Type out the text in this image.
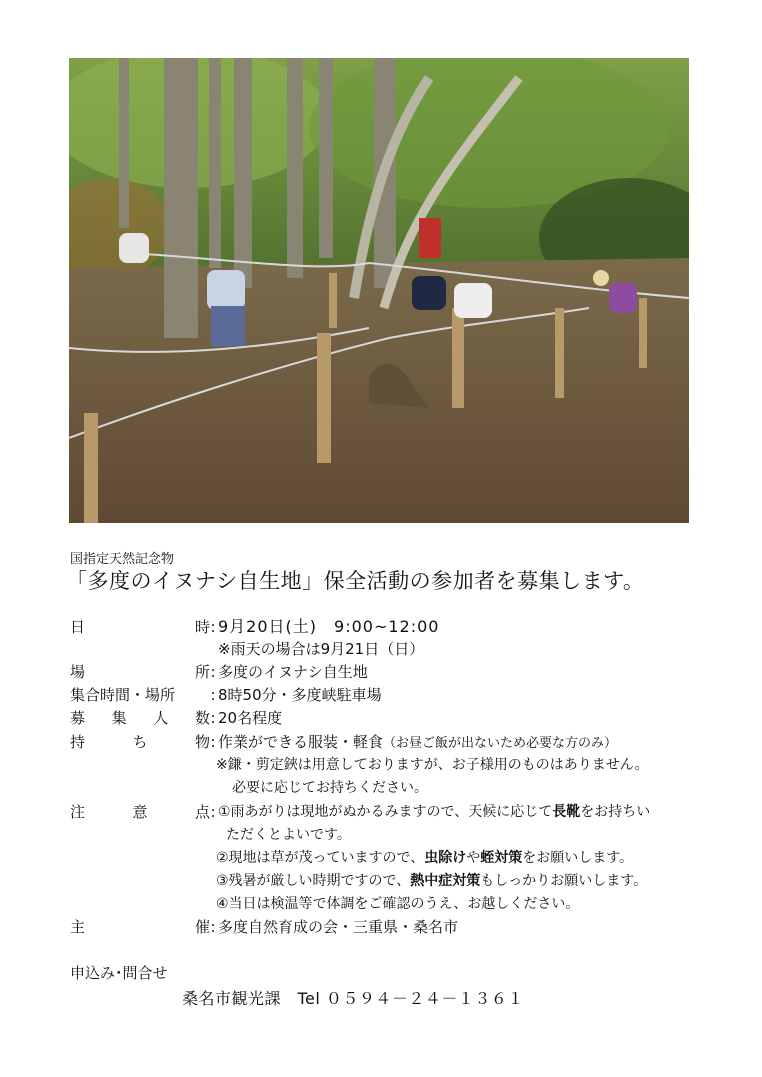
国指定天然記念物
「多度のイヌナシ自生地」保全活動の参加者を募集します。
日	時 : 9月20日(土)　9:00~12:00
※雨天の場合は9月21日（日）
場	所 : 多度のイヌナシ自生地
集合時間・場所 : 8時50分・多度峡駐車場
募 集 人 数 : 20名程度
持	ち	物 : 作業ができる服装・軽食（お昼ご飯が出ないため必要な方のみ）
※鎌・剪定鋏は用意しておりますが、お子様用のものはありません。
必要に応じてお持ちください。
注	意	点 : ①雨あがりは現地がぬかるみますので、天候に応じて長靴をお持ちい
ただくとよいです。
②現地は草が茂っていますので、虫除けや蛭対策をお願いします。
③残暑が厳しい時期ですので、熱中症対策もしっかりお願いします。
④当日は検温等で体調をご確認のうえ、お越しください。
主	催 : 多度自然育成の会・三重県・桑名市
申込み･問合せ
桑名市観光課　Tel ０５９４－２４－１３６１
